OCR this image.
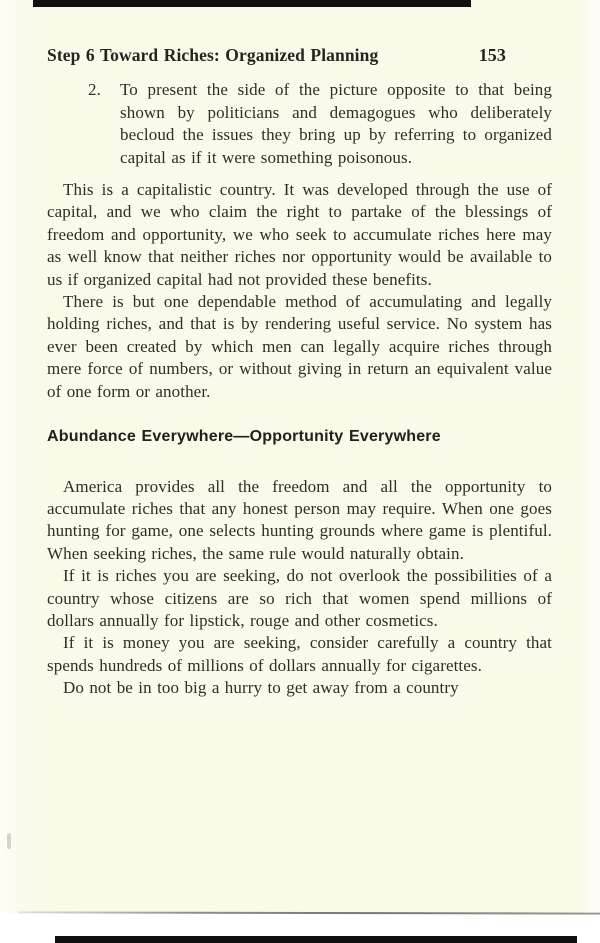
Step 6 Toward Riches: Organized Planning	153
2. To present the side of the picture opposite to that being shown by politicians and demagogues who deliberately becloud the issues they bring up by referring to organized capital as if it were something poisonous.

This is a capitalistic country. It was developed through the use of capital, and we who claim the right to partake of the blessings of freedom and opportunity, we who seek to accumulate riches here may as well know that neither riches nor opportunity would be available to us if organized capital had not provided these benefits.

There is but one dependable method of accumulating and legally holding riches, and that is by rendering useful service. No system has ever been created by which men can legally acquire riches through mere force of numbers, or without giving in return an equivalent value of one form or another.

Abundance Everywhere—Opportunity Everywhere

America provides all the freedom and all the opportunity to accumulate riches that any honest person may require. When one goes hunting for game, one selects hunting grounds where game is plentiful. When seeking riches, the same rule would naturally obtain.

If it is riches you are seeking, do not overlook the possibilities of a country whose citizens are so rich that women spend millions of dollars annually for lipstick, rouge and other cosmetics.

If it is money you are seeking, consider carefully a country that spends hundreds of millions of dollars annually for cigarettes.

Do not be in too big a hurry to get away from a country
